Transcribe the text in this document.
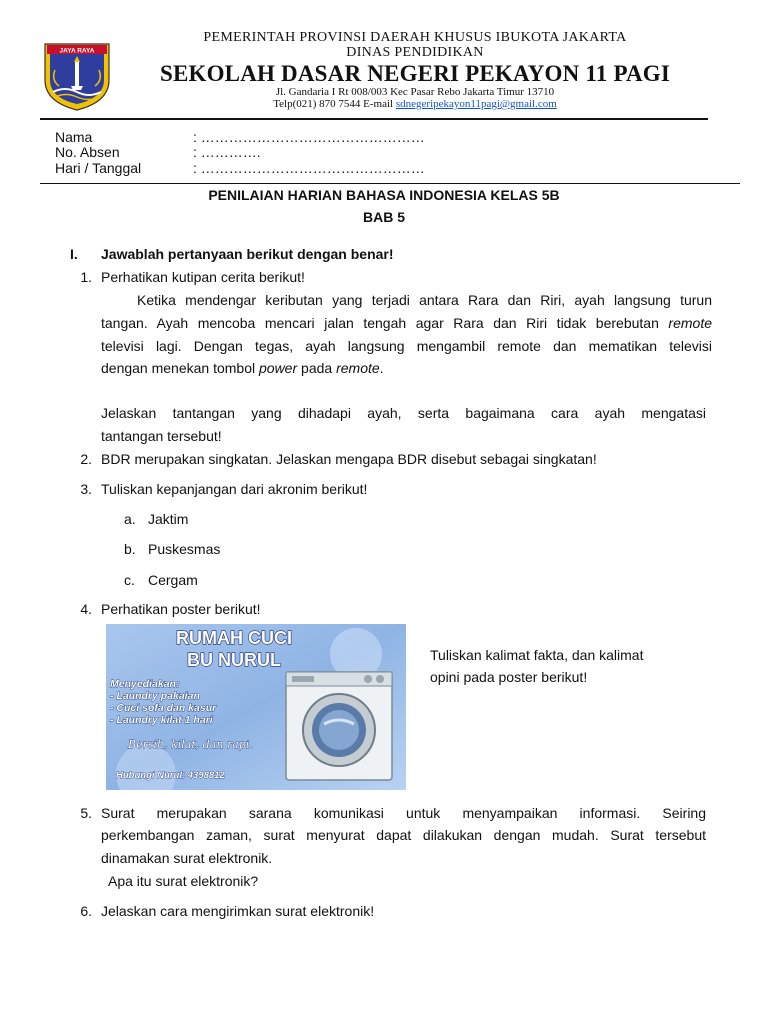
JAYA RAYA
PEMERINTAH PROVINSI DAERAH KHUSUS IBUKOTA JAKARTA
DINAS PENDIDIKAN
SEKOLAH DASAR NEGERI PEKAYON 11 PAGI
Jl. Gandaria I Rt 008/003 Kec Pasar Rebo Jakarta Timur 13710
Telp(021) 870 7544 E-mail sdnegeripekayon11pagi@gmail.com
Nama	: …………………………………………
No. Absen	: ………….
Hari / Tanggal	: …………………………………………
PENILAIAN HARIAN BAHASA INDONESIA KELAS 5B
BAB 5
I. Jawablah pertanyaan berikut dengan benar!
1. Perhatikan kutipan cerita berikut!
Ketika mendengar keributan yang terjadi antara Rara dan Riri, ayah langsung turun
tangan. Ayah mencoba mencari jalan tengah agar Rara dan Riri tidak berebutan remote
televisi lagi. Dengan tegas, ayah langsung mengambil remote dan mematikan televisi
dengan menekan tombol power pada remote.
Jelaskan tantangan yang dihadapi ayah, serta bagaimana cara ayah mengatasi
tantangan tersebut!
2. BDR merupakan singkatan. Jelaskan mengapa BDR disebut sebagai singkatan!
3. Tuliskan kepanjangan dari akronim berikut!
a. Jaktim
b. Puskesmas
c. Cergam
4. Perhatikan poster berikut!
RUMAH CUCI
BU NURUL
Menyediakan:
- Laundry pakaian
- Cuci sofa dan kasur
- Laundry kilat 1 hari
Bersih, kilat, dan rapi.
Hubungi Nurul: 4398812
Tuliskan kalimat fakta, dan kalimat
opini pada poster berikut!
5. Surat merupakan sarana komunikasi untuk menyampaikan informasi. Seiring
perkembangan zaman, surat menyurat dapat dilakukan dengan mudah. Surat tersebut
dinamakan surat elektronik.
Apa itu surat elektronik?
6. Jelaskan cara mengirimkan surat elektronik!
